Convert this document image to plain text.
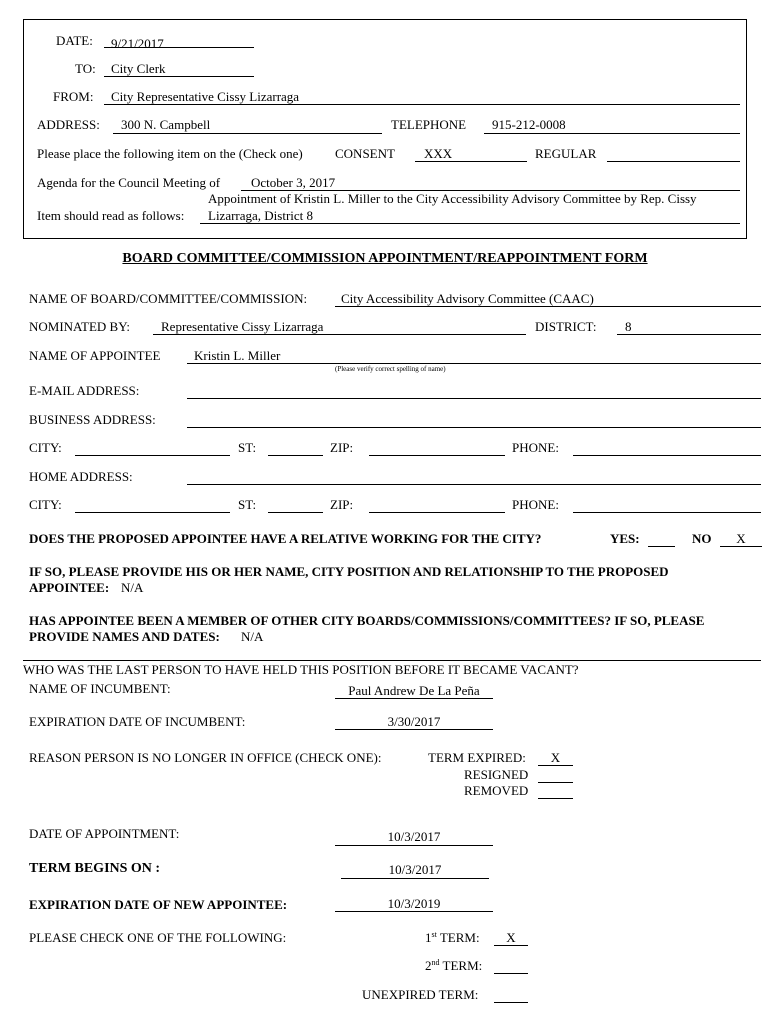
DATE: 9/21/2017
TO: City Clerk
FROM: City Representative Cissy Lizarraga
ADDRESS: 300 N. Campbell	TELEPHONE 915-212-0008
Please place the following item on the (Check one) CONSENT XXX	REGULAR
Agenda for the Council Meeting of October 3, 2017
Appointment of Kristin L. Miller to the City Accessibility Advisory Committee by Rep. Cissy
Item should read as follows: Lizarraga, District 8
BOARD COMMITTEE/COMMISSION APPOINTMENT/REAPPOINTMENT FORM
NAME OF BOARD/COMMITTEE/COMMISSION:	City Accessibility Advisory Committee (CAAC)
NOMINATED BY: Representative Cissy Lizarraga	DISTRICT: 8
NAME OF APPOINTEE	Kristin L. Miller
(Please verify correct spelling of name)
E-MAIL ADDRESS:
BUSINESS ADDRESS:
CITY:	ST:	ZIP:	PHONE:
HOME ADDRESS:
CITY:	ST:	ZIP:	PHONE:
DOES THE PROPOSED APPOINTEE HAVE A RELATIVE WORKING FOR THE CITY?	YES:	NO	X
IF SO, PLEASE PROVIDE HIS OR HER NAME, CITY POSITION AND RELATIONSHIP TO THE PROPOSED
APPOINTEE: N/A
HAS APPOINTEE BEEN A MEMBER OF OTHER CITY BOARDS/COMMISSIONS/COMMITTEES? IF SO, PLEASE
PROVIDE NAMES AND DATES: N/A
WHO WAS THE LAST PERSON TO HAVE HELD THIS POSITION BEFORE IT BECAME VACANT?
NAME OF INCUMBENT:	Paul Andrew De La Peña
EXPIRATION DATE OF INCUMBENT:	3/30/2017
REASON PERSON IS NO LONGER IN OFFICE (CHECK ONE):	TERM EXPIRED:	X
RESIGNED
REMOVED
DATE OF APPOINTMENT:	10/3/2017
TERM BEGINS ON :	10/3/2017
EXPIRATION DATE OF NEW APPOINTEE:	10/3/2019
PLEASE CHECK ONE OF THE FOLLOWING:	1st TERM:	X
2nd TERM:
UNEXPIRED TERM:
